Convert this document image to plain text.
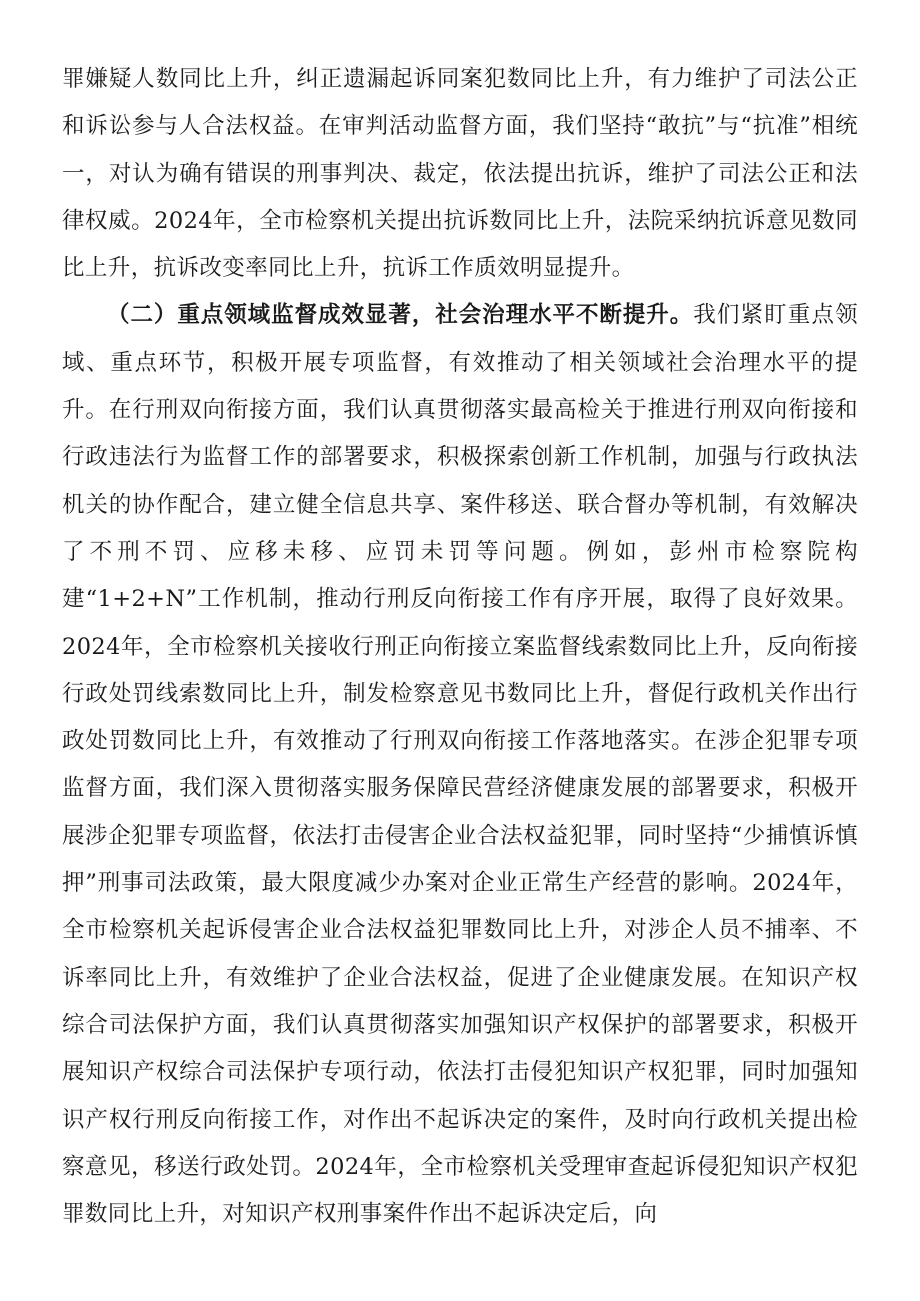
罪嫌疑人数同比上升，纠正遗漏起诉同案犯数同比上升，有力维护了司法公正和诉讼参与人合法权益。在审判活动监督方面，我们坚持“敢抗”与“抗准”相统一，对认为确有错误的刑事判决、裁定，依法提出抗诉，维护了司法公正和法律权威。2024年，全市检察机关提出抗诉数同比上升，法院采纳抗诉意见数同比上升，抗诉改变率同比上升，抗诉工作质效明显提升。

（二）重点领域监督成效显著，社会治理水平不断提升。我们紧盯重点领域、重点环节，积极开展专项监督，有效推动了相关领域社会治理水平的提升。在行刑双向衔接方面，我们认真贯彻落实最高检关于推进行刑双向衔接和行政违法行为监督工作的部署要求，积极探索创新工作机制，加强与行政执法机关的协作配合，建立健全信息共享、案件移送、联合督办等机制，有效解决了不刑不罚、应移未移、应罚未罚等问题。例如，彭州市检察院构建“1+2+N”工作机制，推动行刑反向衔接工作有序开展，取得了良好效果。2024年，全市检察机关接收行刑正向衔接立案监督线索数同比上升，反向衔接行政处罚线索数同比上升，制发检察意见书数同比上升，督促行政机关作出行政处罚数同比上升，有效推动了行刑双向衔接工作落地落实。在涉企犯罪专项监督方面，我们深入贯彻落实服务保障民营经济健康发展的部署要求，积极开展涉企犯罪专项监督，依法打击侵害企业合法权益犯罪，同时坚持“少捕慎诉慎押”刑事司法政策，最大限度减少办案对企业正常生产经营的影响。2024年，全市检察机关起诉侵害企业合法权益犯罪数同比上升，对涉企人员不捕率、不诉率同比上升，有效维护了企业合法权益，促进了企业健康发展。在知识产权综合司法保护方面，我们认真贯彻落实加强知识产权保护的部署要求，积极开展知识产权综合司法保护专项行动，依法打击侵犯知识产权犯罪，同时加强知识产权行刑反向衔接工作，对作出不起诉决定的案件，及时向行政机关提出检察意见，移送行政处罚。2024年，全市检察机关受理审查起诉侵犯知识产权犯罪数同比上升，对知识产权刑事案件作出不起诉决定后，向
